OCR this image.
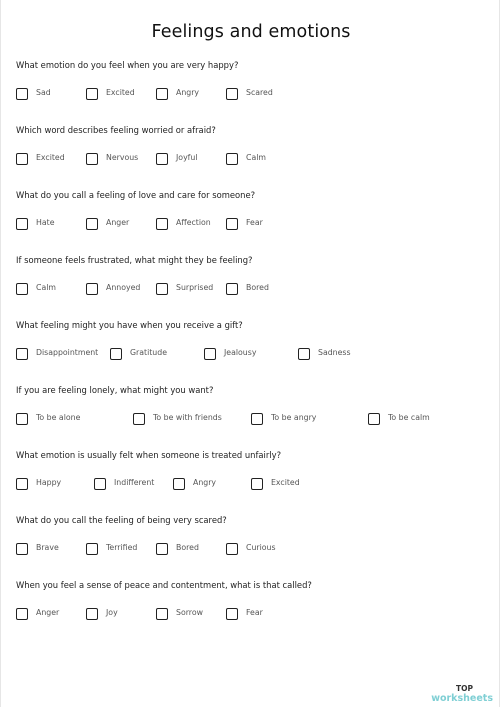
Feelings and emotions
What emotion do you feel when you are very happy?
Sad	Excited	Angry	Scared
Which word describes feeling worried or afraid?
Excited	Nervous	Joyful	Calm
What do you call a feeling of love and care for someone?
Hate	Anger	Affection	Fear
If someone feels frustrated, what might they be feeling?
Calm	Annoyed	Surprised	Bored
What feeling might you have when you receive a gift?
Disappointment	Gratitude	Jealousy	Sadness
If you are feeling lonely, what might you want?
To be alone	To be with friends	To be angry	To be calm
What emotion is usually felt when someone is treated unfairly?
Happy	Indifferent	Angry	Excited
What do you call the feeling of being very scared?
Brave	Terrified	Bored	Curious
When you feel a sense of peace and contentment, what is that called?
Anger	Joy	Sorrow	Fear
TOP
worksheets
